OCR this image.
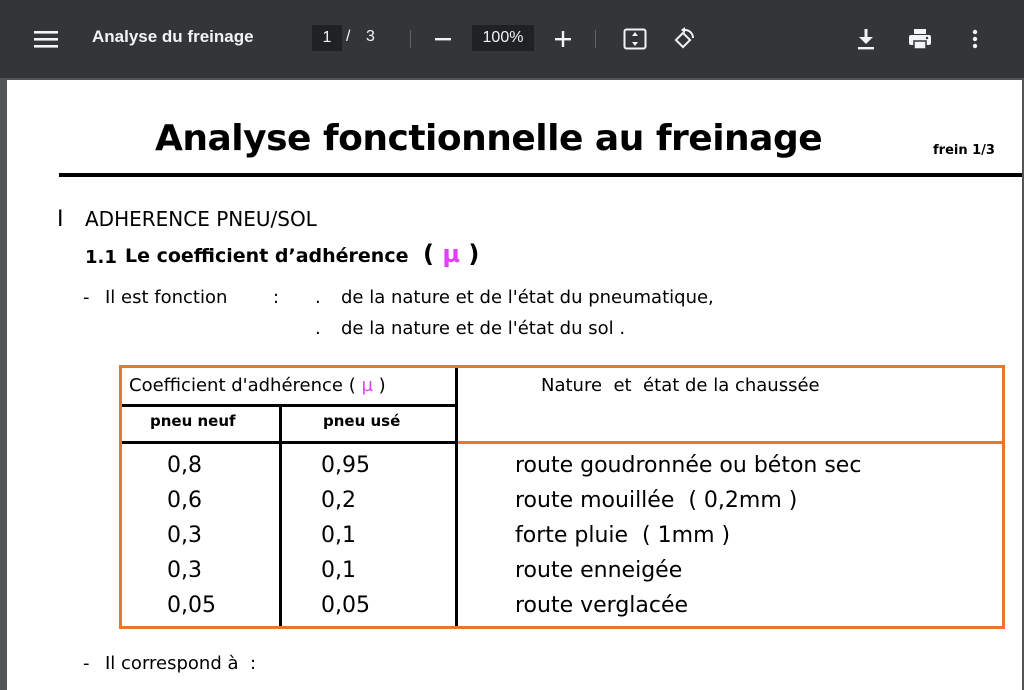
Analyse du freinage	1 / 3	100%
Analyse fonctionnelle au freinage	frein 1/3
I ADHERENCE PNEU/SOL
1.1 Le coefficient d’adhérence ( µ )
- Il est fonction	: . de la nature et de l'état du pneumatique,
. de la nature et de l'état du sol .
Coefficient d'adhérence ( µ )	Nature  et  état de la chaussée
pneu neuf	pneu usé
0,8	0,95	route goudronnée ou béton sec
0,6	0,2	route mouillée  ( 0,2mm )
0,3	0,1	forte pluie  ( 1mm )
0,3	0,1	route enneigée
0,05	0,05	route verglacée
- Il correspond à  :
